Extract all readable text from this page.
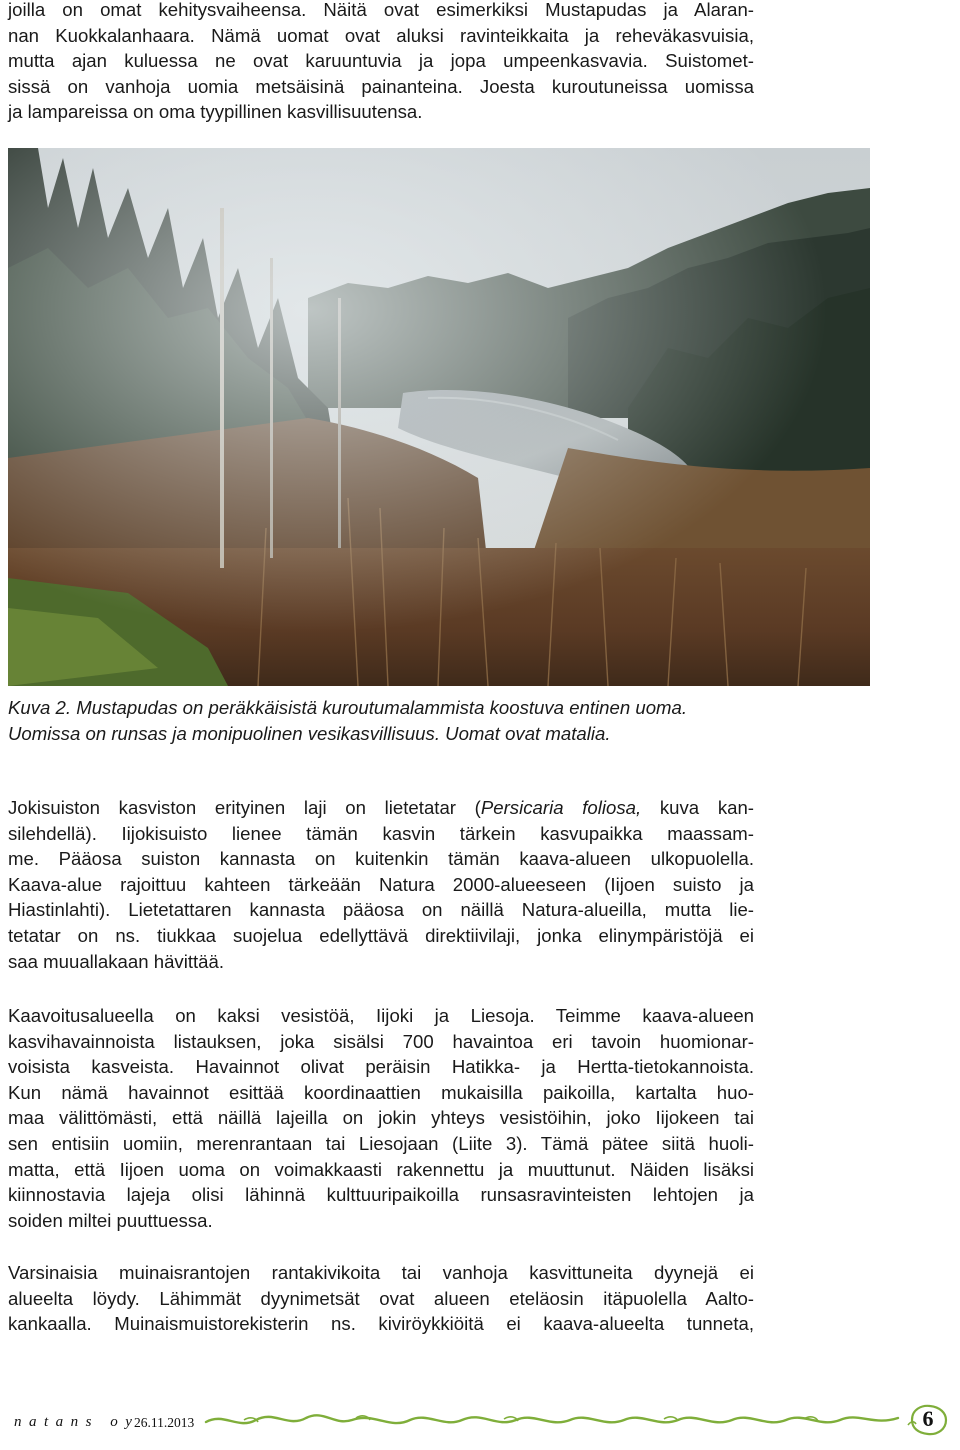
joilla on omat kehitysvaiheensa. Näitä ovat esimerkiksi Mustapudas ja Alaran-
nan Kuokkalanhaara. Nämä uomat ovat aluksi ravinteikkaita ja reheväkasvuisia,
mutta ajan kuluessa ne ovat karuuntuvia ja jopa umpeenkasvavia. Suistomet-
sissä on vanhoja uomia metsäisinä painanteina. Joesta kuroutuneissa uomissa
ja lampareissa on oma tyypillinen kasvillisuutensa.

Kuva 2. Mustapudas on peräkkäisistä kuroutumalammista koostuva entinen uoma.
Uomissa on runsas ja monipuolinen vesikasvillisuus. Uomat ovat matalia.

Jokisuiston kasviston erityinen laji on lietetatar (Persicaria foliosa, kuva kan-
silehdellä). Iijokisuisto lienee tämän kasvin tärkein kasvupaikka maassam-
me. Pääosa suiston kannasta on kuitenkin tämän kaava-alueen ulkopuolella.
Kaava-alue rajoittuu kahteen tärkeään Natura 2000-alueeseen (Iijoen suisto ja
Hiastinlahti). Lietetattaren kannasta pääosa on näillä Natura-alueilla, mutta lie-
tetatar on ns. tiukkaa suojelua edellyttävä direktiivilaji, jonka elinympäristöjä ei
saa muuallakaan hävittää.

Kaavoitusalueella on kaksi vesistöä, Iijoki ja Liesoja. Teimme kaava-alueen
kasvihavainnoista listauksen, joka sisälsi 700 havaintoa eri tavoin huomionar-
voisista kasveista. Havainnot olivat peräisin Hatikka- ja Hertta-tietokannoista.
Kun nämä havainnot esittää koordinaattien mukaisilla paikoilla, kartalta huo-
maa välittömästi, että näillä lajeilla on jokin yhteys vesistöihin, joko Iijokeen tai
sen entisiin uomiin, merenrantaan tai Liesojaan (Liite 3). Tämä pätee siitä huoli-
matta, että Iijoen uoma on voimakkaasti rakennettu ja muuttunut. Näiden lisäksi
kiinnostavia lajeja olisi lähinnä kulttuuripaikoilla runsasravinteisten lehtojen ja
soiden miltei puuttuessa.

Varsinaisia muinaisrantojen rantakivikoita tai vanhoja kasvittuneita dyynejä ei
alueelta löydy. Lähimmät dyynimetsät ovat alueen eteläosin itäpuolella Aalto-
kankaalla. Muinaismuistorekisterin ns. kiviröykkiöitä ei kaava-alueelta tunneta,

natans oy
26.11.2013	6
